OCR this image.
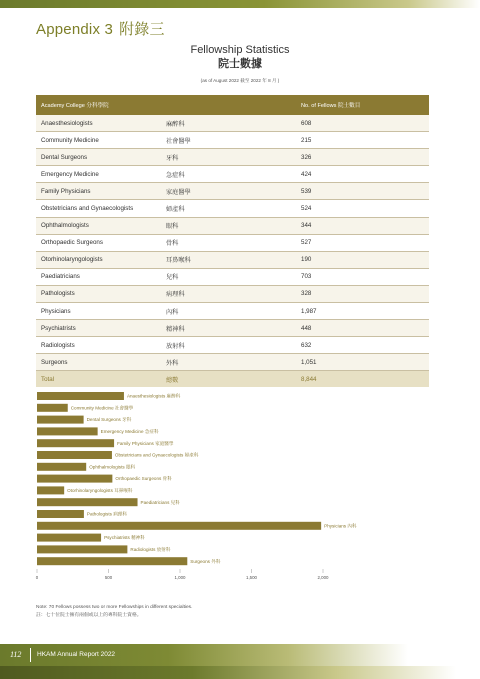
Appendix 3 附錄三
Fellowship Statistics
院士數據
(as of August 2022 截至 2022 年 8 月 )
Academy College 分科學院	No. of Fellows 院士數目
Anaesthesiologists	麻醉科	608
Community Medicine	社會醫學	215
Dental Surgeons	牙科	326
Emergency Medicine	急症科	424
Family Physicians	家庭醫學	539
Obstetricians and Gynaecologists	婦產科	524
Ophthalmologists	眼科	344
Orthopaedic Surgeons	骨科	527
Otorhinolaryngologists	耳鼻喉科	190
Paediatricians	兒科	703
Pathologists	病理科	328
Physicians	內科	1,987
Psychiatrists	精神科	448
Radiologists	放射科	632
Surgeons	外科	1,051
Total	總數	8,844
Anaesthesiologists 麻醉科
Community Medicine 社會醫學
Dental Surgeons 牙科
Emergency Medicine 急症科
Family Physicians 家庭醫學
Obstetricians and Gynaecologists 婦產科
Ophthalmologists 眼科
Orthopaedic Surgeons 骨科
Otorhinolaryngologists 耳鼻喉科
Paediatricians 兒科
Pathologists 病理科
Physicians 內科
Psychiatrists 精神科
Radiologists 放射科
Surgeons 外科
0	500	1,000	1,500	2,000
Note: 70 Fellows possess two or more Fellowships in different specialties.
註：七十位院士擁有兩個或以上的專科院士資格。
112 HKAM Annual Report 2022
